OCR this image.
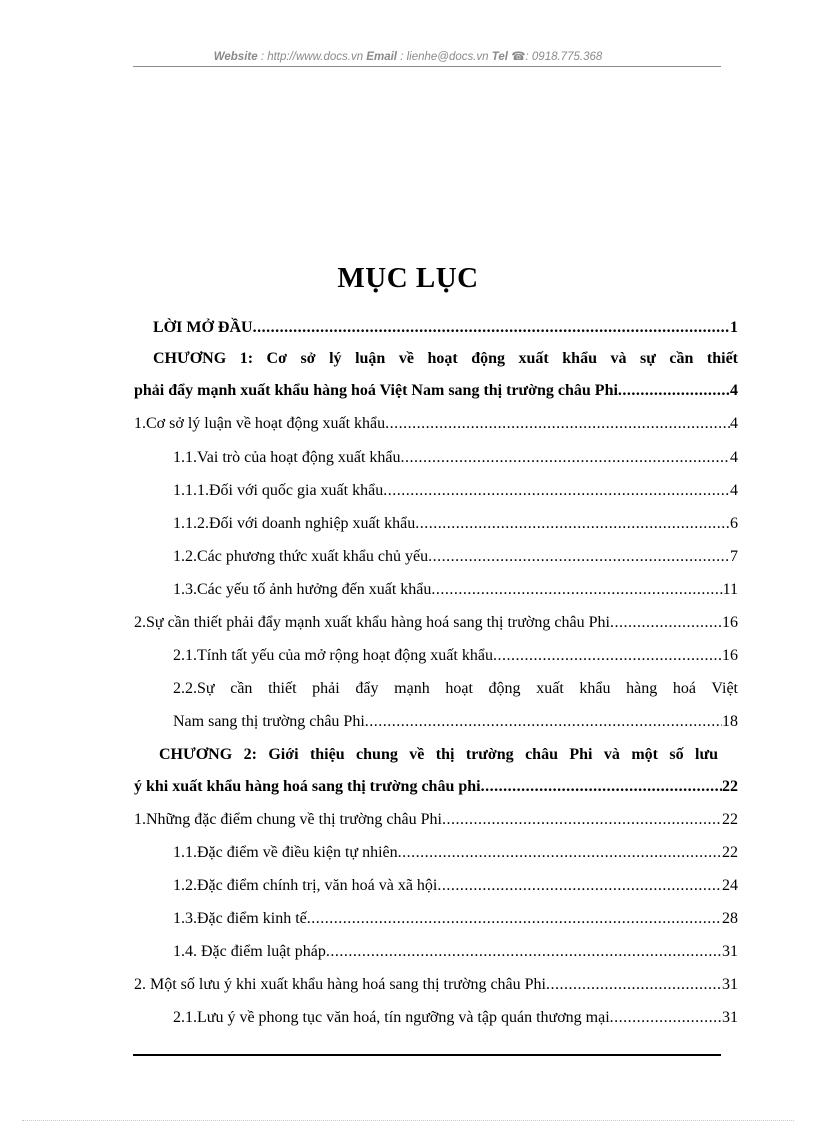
Website : http://www.docs.vn Email : lienhe@docs.vn Tel ☎: 0918.775.368
MỤC LỤC
LỜI MỞ ĐẦU .....	1
CHƯƠNG 1: Cơ sở lý luận về hoạt động xuất khẩu và sự cần thiết
phải đẩy mạnh xuất khẩu hàng hoá Việt Nam sang thị trường châu Phi .....	4
1.Cơ sở lý luận về hoạt động xuất khẩu .....	4
1.1.Vai trò của hoạt động xuất khẩu .....	4
1.1.1.Đối với quốc gia xuất khẩu .....	4
1.1.2.Đối với doanh nghiệp xuất khẩu .....	6
1.2.Các phương thức xuất khẩu chủ yếu .....	7
1.3.Các yếu tố ảnh hưởng đến xuất khẩu .....	11
2.Sự cần thiết phải đẩy mạnh xuất khẩu hàng hoá sang thị trường châu Phi .....	16
2.1.Tính tất yếu của mở rộng hoạt động xuất khẩu .....	16
2.2.Sự cần thiết phải đẩy mạnh hoạt động xuất khẩu hàng hoá Việt
Nam sang thị trường châu Phi .....	18
CHƯƠNG 2: Giới thiệu chung về thị trường châu Phi và một số lưu
ý khi xuất khẩu hàng hoá sang thị trường châu phi .....	22
1.Những đặc điểm chung về thị trường châu Phi .....	22
1.1.Đặc điểm về điều kiện tự nhiên .....	22
1.2.Đặc điểm chính trị, văn hoá và xã hội .....	24
1.3.Đặc điểm kinh tế .....	28
1.4. Đặc điểm luật pháp .....	31
2. Một số lưu ý khi xuất khẩu hàng hoá sang thị trường châu Phi .....	31
2.1.Lưu ý về phong tục văn hoá, tín ngưỡng và tập quán thương mại .....	31
